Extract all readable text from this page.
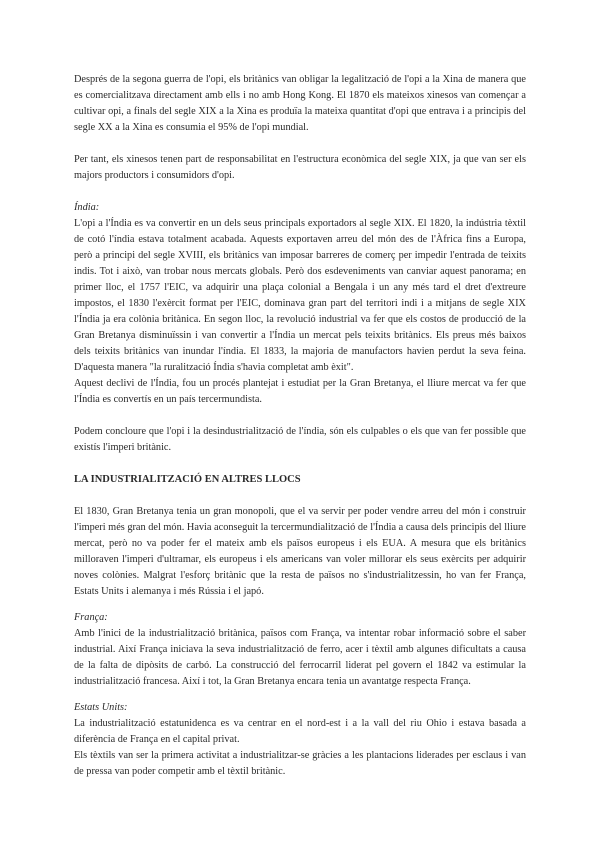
Després de la segona guerra de l'opi, els britànics van obligar la legalització de l'opi a la Xina de manera que es comercialitzava directament amb ells i no amb Hong Kong. El 1870 els mateixos xinesos van començar a cultivar opi, a finals del segle XIX a la Xina es produïa la mateixa quantitat d'opi que entrava i a principis del segle XX a la Xina es consumia el 95% de l'opi mundial.

Per tant, els xinesos tenen part de responsabilitat en l'estructura econòmica del segle XIX, ja que van ser els majors productors i consumidors d'opi.

Índia:

L'opi a l'Índia es va convertir en un dels seus principals exportadors al segle XIX. El 1820, la indústria tèxtil de cotó l'índia estava totalment acabada. Aquests exportaven arreu del món des de l'Àfrica fins a Europa, però a principi del segle XVIII, els britànics van imposar barreres de comerç per impedir l'entrada de teixits indis. Tot i això, van trobar nous mercats globals. Però dos esdeveniments van canviar aquest panorama; en primer lloc, el 1757 l'EIC, va adquirir una plaça colonial a Bengala i un any més tard el dret d'extreure impostos, el 1830 l'exèrcit format per l'EIC, dominava gran part del territori indi i a mitjans de segle XIX l'Índia ja era colònia britànica. En segon lloc, la revolució industrial va fer que els costos de producció de la Gran Bretanya disminuïssin i van convertir a l'Índia un mercat pels teixits britànics. Els preus més baixos dels teixits britànics van inundar l'índia. El 1833, la majoria de manufactors havien perdut la seva feina. D'aquesta manera "la ruralització Índia s'havia completat amb èxit".

Aquest declivi de l'Índia, fou un procés plantejat i estudiat per la Gran Bretanya, el lliure mercat va fer que l'Índia es convertís en un país tercermundista.

Podem concloure que l'opi i la desindustrialització de l'índia, són els culpables o els que van fer possible que existís l'imperi britànic.

LA INDUSTRIALITZACIÓ EN ALTRES LLOCS

El 1830, Gran Bretanya tenia un gran monopoli, que el va servir per poder vendre arreu del món i construir l'imperi més gran del món. Havia aconseguit la tercermundialització de l'Índia a causa dels principis del lliure mercat, però no va poder fer el mateix amb els països europeus i els EUA. A mesura que els britànics milloraven l'imperi d'ultramar, els europeus i els americans van voler millorar els seus exèrcits per adquirir noves colònies. Malgrat l'esforç britànic que la resta de països no s'industrialitzessin, ho van fer França, Estats Units i alemanya i més Rússia i el japó.

França:

Amb l'inici de la industrialització britànica, països com França, va intentar robar informació sobre el saber industrial. Així França iniciava la seva industrialització de ferro, acer i tèxtil amb algunes dificultats a causa de la falta de dipòsits de carbó. La construcció del ferrocarril liderat pel govern el 1842 va estimular la industrialització francesa. Així i tot, la Gran Bretanya encara tenia un avantatge respecta França.

Estats Units:

La industrialització estatunidenca es va centrar en el nord-est i a la vall del riu Ohio i estava basada a diferència de França en el capital privat.

Els tèxtils van ser la primera activitat a industrialitzar-se gràcies a les plantacions liderades per esclaus i van de pressa van poder competir amb el tèxtil britànic.
